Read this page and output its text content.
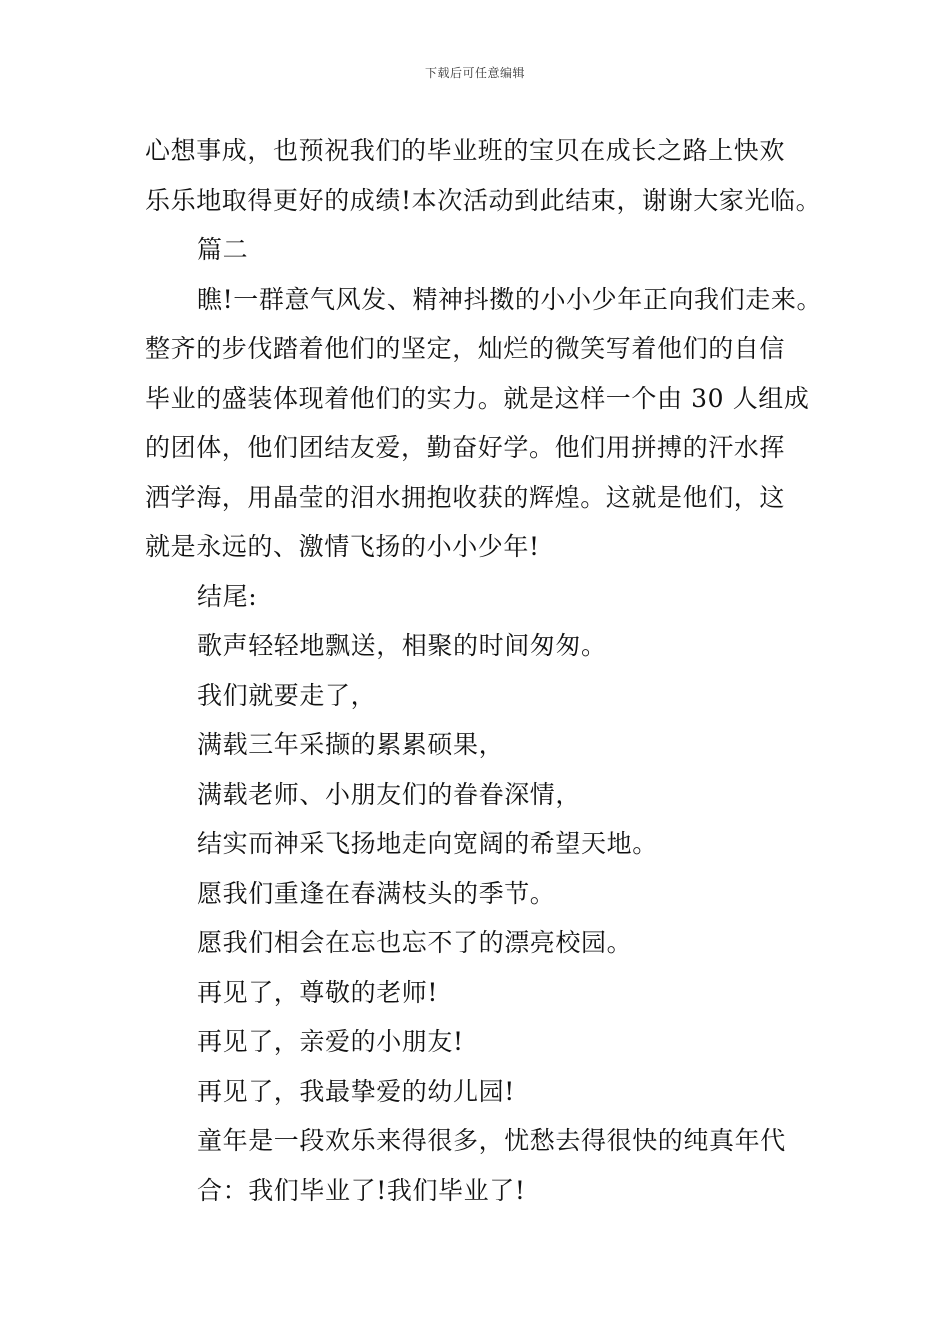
下载后可任意编辑
心想事成，也预祝我们的毕业班的宝贝在成长之路上快欢
乐乐地取得更好的成绩!本次活动到此结束，谢谢大家光临。
篇二
瞧!一群意气风发、精神抖擞的小小少年正向我们走来。
整齐的步伐踏着他们的坚定，灿烂的微笑写着他们的自信
毕业的盛装体现着他们的实力。就是这样一个由 30 人组成
的团体，他们团结友爱，勤奋好学。他们用拼搏的汗水挥
洒学海，用晶莹的泪水拥抱收获的辉煌。这就是他们，这
就是永远的、激情飞扬的小小少年!
结尾:
歌声轻轻地飘送，相聚的时间匆匆。
我们就要走了，
满载三年采撷的累累硕果，
满载老师、小朋友们的眷眷深情，
结实而神采飞扬地走向宽阔的希望天地。
愿我们重逢在春满枝头的季节。
愿我们相会在忘也忘不了的漂亮校园。
再见了，尊敬的老师!
再见了，亲爱的小朋友!
再见了，我最挚爱的幼儿园!
童年是一段欢乐来得很多，忧愁去得很快的纯真年代
合：我们毕业了!我们毕业了!
